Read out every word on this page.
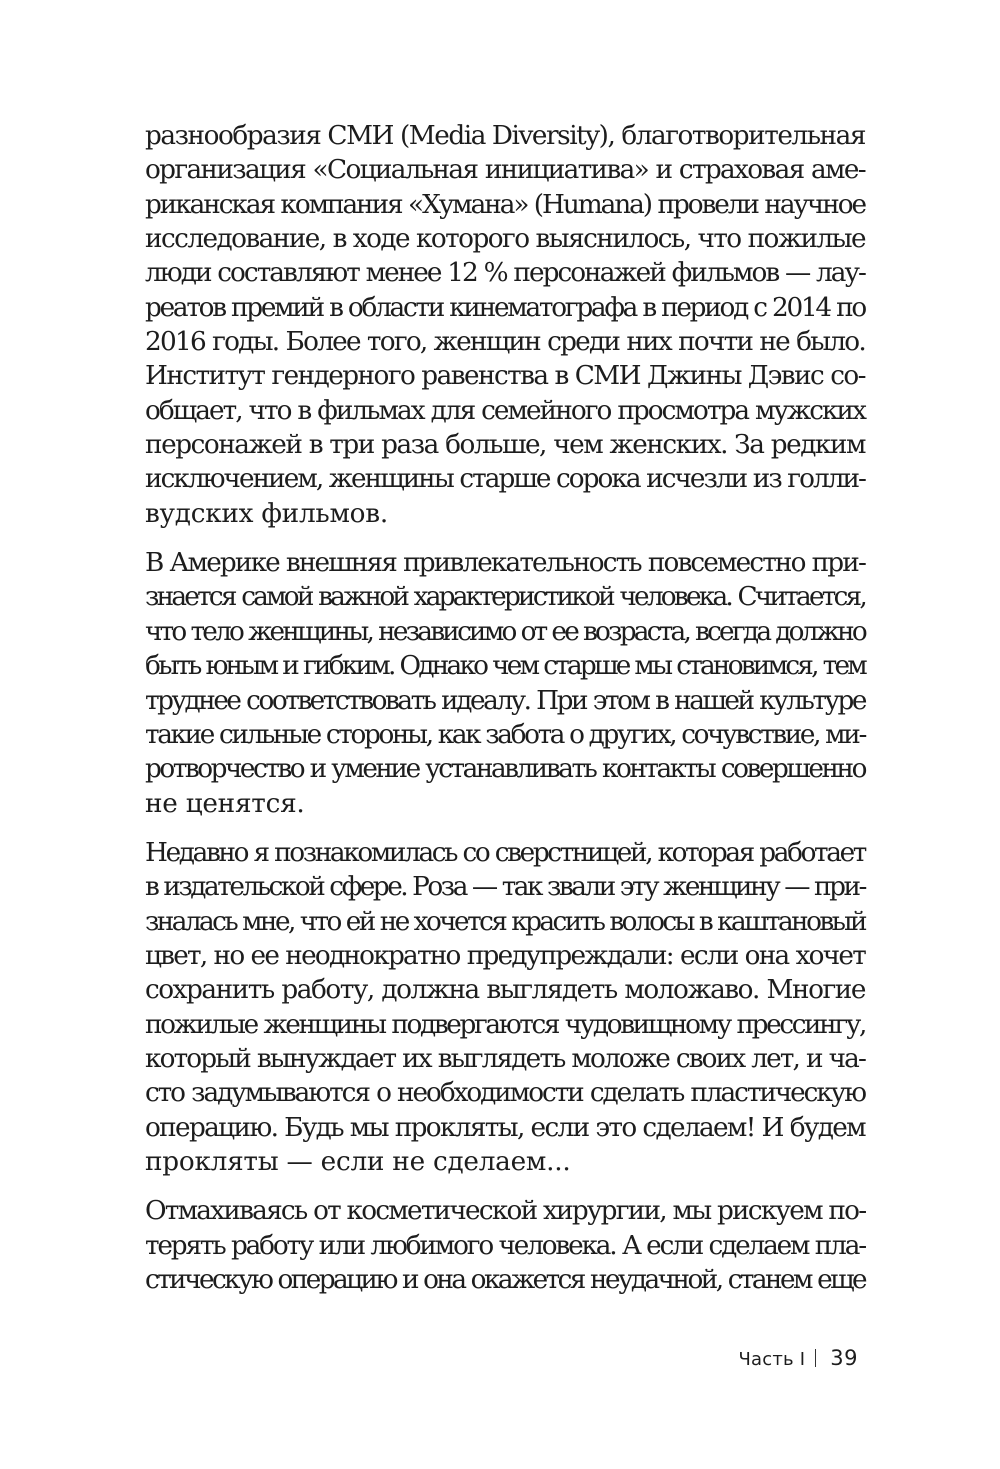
разнообразия СМИ (Media Diversity), благотворительная
организация «Социальная инициатива» и страховая аме-
риканская компания «Хумана» (Humana) провели научное
исследование, в ходе которого выяснилось, что пожилые
люди составляют менее 12 % персонажей фильмов — лау-
реатов премий в области кинематографа в период с 2014 по
2016 годы. Более того, женщин среди них почти не было.
Институт гендерного равенства в СМИ Джины Дэвис со-
общает, что в фильмах для семейного просмотра мужских
персонажей в три раза больше, чем женских. За редким
исключением, женщины старше сорока исчезли из голли-
вудских фильмов.
В Америке внешняя привлекательность повсеместно при-
знается самой важной характеристикой человека. Считается,
что тело женщины, независимо от ее возраста, всегда должно
быть юным и гибким. Однако чем старше мы становимся, тем
труднее соответствовать идеалу. При этом в нашей культуре
такие сильные стороны, как забота о других, сочувствие, ми-
ротворчество и умение устанавливать контакты совершенно
не ценятся.
Недавно я познакомилась со сверстницей, которая работает
в издательской сфере. Роза — так звали эту женщину — при-
зналась мне, что ей не хочется красить волосы в каштановый
цвет, но ее неоднократно предупреждали: если она хочет
сохранить работу, должна выглядеть моложаво. Многие
пожилые женщины подвергаются чудовищному прессингу,
который вынуждает их выглядеть моложе своих лет, и ча-
сто задумываются о необходимости сделать пластическую
операцию. Будь мы прокляты, если это сделаем! И будем
прокляты — если не сделаем...
Отмахиваясь от косметической хирургии, мы рискуем по-
терять работу или любимого человека. А если сделаем пла-
стическую операцию и она окажется неудачной, станем еще
Часть I 39
